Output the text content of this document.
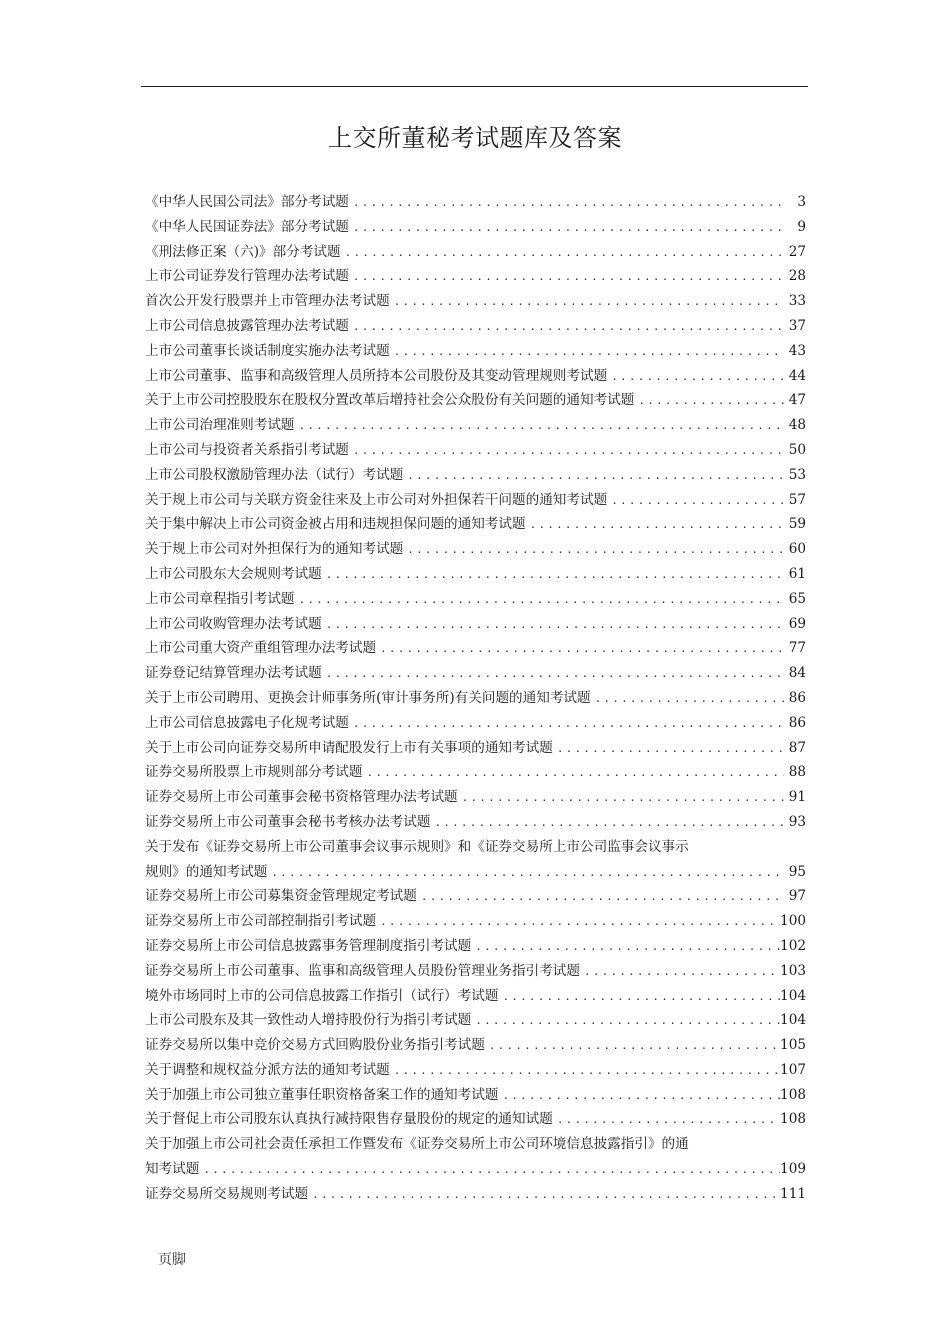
上交所董秘考试题库及答案
《中华人民国公司法》部分考试题 .....	3
《中华人民国证券法》部分考试题 .....	9
《刑法修正案（六)》部分考试题 .....	27
上市公司证券发行管理办法考试题 .....	28
首次公开发行股票并上市管理办法考试题 .....	33
上市公司信息披露管理办法考试题 .....	37
上市公司董事长谈话制度实施办法考试题 .....	43
上市公司董事、监事和高级管理人员所持本公司股份及其变动管理规则考试题 .....	44
关于上市公司控股股东在股权分置改革后增持社会公众股份有关问题的通知考试题 .....	47
上市公司治理准则考试题 .....	48
上市公司与投资者关系指引考试题 .....	50
上市公司股权激励管理办法（试行）考试题 .....	53
关于规上市公司与关联方资金往来及上市公司对外担保若干问题的通知考试题 .....	57
关于集中解决上市公司资金被占用和违规担保问题的通知考试题 .....	59
关于规上市公司对外担保行为的通知考试题 .....	60
上市公司股东大会规则考试题 .....	61
上市公司章程指引考试题 .....	65
上市公司收购管理办法考试题 .....	69
上市公司重大资产重组管理办法考试题 .....	77
证券登记结算管理办法考试题 .....	84
关于上市公司聘用、更换会计师事务所(审计事务所)有关问题的通知考试题 .....	86
上市公司信息披露电子化规考试题 .....	86
关于上市公司向证券交易所申请配股发行上市有关事项的通知考试题 .....	87
证券交易所股票上市规则部分考试题 .....	88
证券交易所上市公司董事会秘书资格管理办法考试题 .....	91
证券交易所上市公司董事会秘书考核办法考试题 .....	93
关于发布《证券交易所上市公司董事会议事示规则》和《证券交易所上市公司监事会议事示
规则》的通知考试题 .....	95
证券交易所上市公司募集资金管理规定考试题 .....	97
证券交易所上市公司部控制指引考试题 .....	100
证券交易所上市公司信息披露事务管理制度指引考试题 .....	102
证券交易所上市公司董事、监事和高级管理人员股份管理业务指引考试题 .....	103
境外市场同时上市的公司信息披露工作指引（试行）考试题 .....	104
上市公司股东及其一致性动人增持股份行为指引考试题 .....	104
证券交易所以集中竞价交易方式回购股份业务指引考试题 .....	105
关于调整和规权益分派方法的通知考试题 .....	107
关于加强上市公司独立董事任职资格备案工作的通知考试题 .....	108
关于督促上市公司股东认真执行减持限售存量股份的规定的通知试题 .....	108
关于加强上市公司社会责任承担工作暨发布《证券交易所上市公司环境信息披露指引》的通
知考试题 .....	109
证券交易所交易规则考试题 .....	111
页脚
